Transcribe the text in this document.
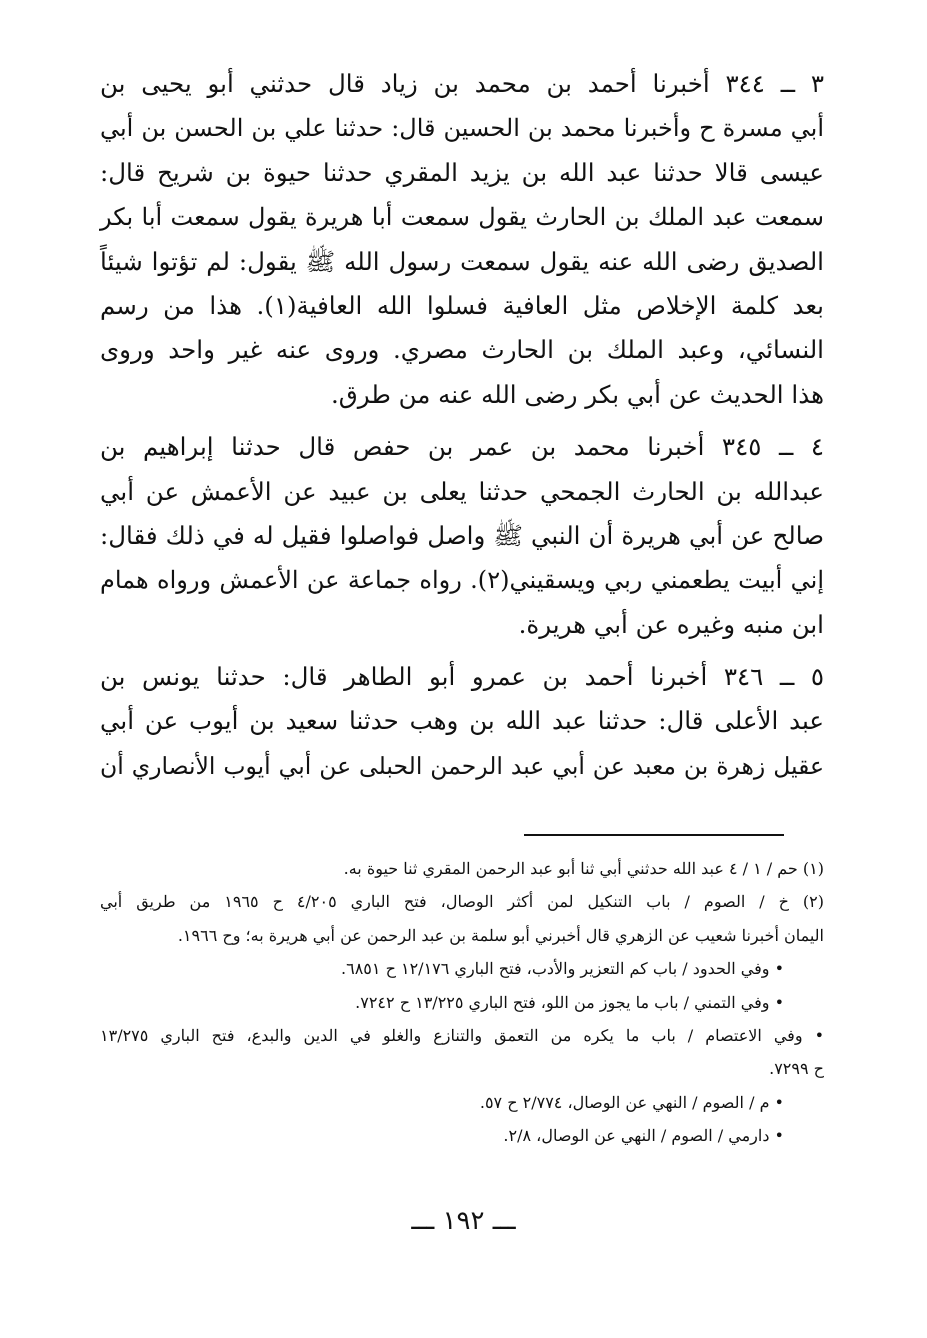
٣ ــ ٣٤٤ أخبرنا أحمد بن محمد بن زياد قال حدثني أبو يحيى بن
أبي مسرة ح وأخبرنا محمد بن الحسين قال: حدثنا علي بن الحسن بن أبي
عيسى قالا حدثنا عبد الله بن يزيد المقري حدثنا حيوة بن شريح قال:
سمعت عبد الملك بن الحارث يقول سمعت أبا هريرة يقول سمعت أبا بكر
الصديق رضى الله عنه يقول سمعت رسول الله ﷺ يقول: لم تؤتوا شيئاً
بعد كلمة الإخلاص مثل العافية فسلوا الله العافية(١). هذا من رسم
النسائي، وعبد الملك بن الحارث مصري. وروى عنه غير واحد وروى
هذا الحديث عن أبي بكر رضى الله عنه من طرق.

٤ ــ ٣٤٥ أخبرنا محمد بن عمر بن حفص قال حدثنا إبراهيم بن
عبدالله بن الحارث الجمحي حدثنا يعلى بن عبيد عن الأعمش عن أبي
صالح عن أبي هريرة أن النبي ﷺ واصل فواصلوا فقيل له في ذلك فقال:
إني أبيت يطعمني ربي ويسقيني(٢). رواه جماعة عن الأعمش ورواه همام
ابن منبه وغيره عن أبي هريرة.

٥ ــ ٣٤٦ أخبرنا أحمد بن عمرو أبو الطاهر قال: حدثنا يونس بن
عبد الأعلى قال: حدثنا عبد الله بن وهب حدثنا سعيد بن أيوب عن أبي
عقيل زهرة بن معبد عن أبي عبد الرحمن الحبلى عن أبي أيوب الأنصاري أن

(١) حم / ١ / ٤ عبد الله حدثني أبي ثنا أبو عبد الرحمن المقري ثنا حيوة به.

(٢) خ / الصوم / باب التنكيل لمن أكثر الوصال، فتح الباري ٤/٢٠٥ ح ١٩٦٥ من طريق أبي
اليمان أخبرنا شعيب عن الزهري قال أخبرني أبو سلمة بن عبد الرحمن عن أبي هريرة به؛ وح ١٩٦٦.

• وفي الحدود / باب كم التعزير والأدب، فتح الباري ١٢/١٧٦ ح ٦٨٥١.

• وفي التمني / باب ما يجوز من اللو، فتح الباري ١٣/٢٢٥ ح ٧٢٤٢.

• وفي الاعتصام / باب ما يكره من التعمق والتنازع والغلو في الدين والبدع، فتح الباري ١٣/٢٧٥
ح ٧٢٩٩.

• م / الصوم / النهي عن الوصال، ٢/٧٧٤ ح ٥٧.

• دارمي / الصوم / النهي عن الوصال، ٢/٨.

ـــ ١٩٢ ـــ
